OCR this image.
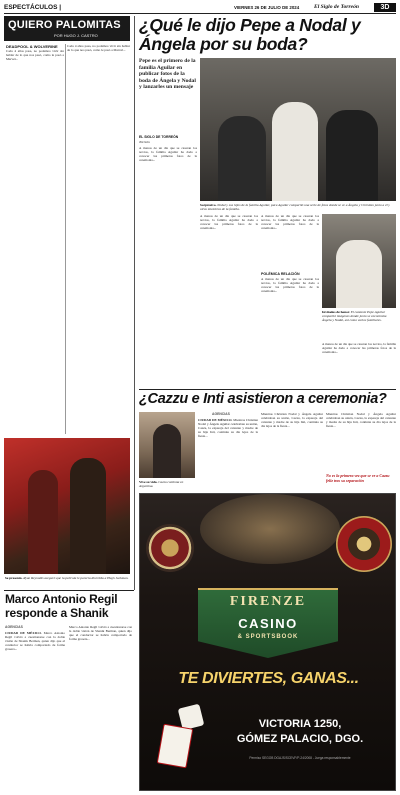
ESPECTÁCULOS |	VIERNES 26 DE JULIO DE 2024	El Siglo de Torreón	3D
QUIERO PALOMITAS
POR HUGO J. CASTRO
DEADPOOL & WOLVERINE
Cada 4 años pasa, no podamos vivir sin hablar de lo que nos pasó, como le pasó a Marvel...
Cada 4 años pasa, no podamos vivir sin hablar de lo que nos pasó, como le pasó a Marvel...
Se presentó. Ryan Reynolds aseguró que la película le parecía divertida a Hugh Jackman.
¿Qué le dijo Pepe a Nodal y Ángela por su boda?
Pepe es el primero de la familia Aguilar en publicar fotos de la boda de Ángela y Nodal y lanzarles un mensaje
EL SIGLO DE TORREÓN
Torreón
A menos de un día que se casaran los novios, la familia Aguilar ha dado a conocer las primeras fotos de la ceremonia...
Sorpresivo. Nodal y sus hijos de la familia Aguilar, para Aguilar compartió una serie de fotos donde se ve a Ángela y Christian junto a él y otros miembros de la familia.
A menos de un día que se casaran los novios, la familia Aguilar ha dado a conocer las primeras fotos de la ceremonia...
A menos de un día que se casaran los novios, la familia Aguilar ha dado a conocer las primeras fotos de la ceremonia...
POLÉMICA RELACIÓN
A menos de un día que se casaran los novios, la familia Aguilar ha dado a conocer las primeras fotos de la ceremonia...
Invitados de honor. El cantante Pepe Aguilar compartió imágenes donde junto se encontraba Ángela y Nodal, así como varios familiares.
A menos de un día que se casaran los novios, la familia Aguilar ha dado a conocer las primeras fotos de la ceremonia...
¿Cazzu e Inti asistieron a ceremonia?
Vive su vida. Cazzu continúa en Argentina.
AGENCIAS
CIUDAD DE MÉXICO. Mientras Christian Nodal y Ángela Aguilar celebraban su unión, Cazzu, la expareja del cantante y madre de su hija Inti, continúa su día lejos de la fiesta...
Mientras Christian Nodal y Ángela Aguilar celebraban su unión, Cazzu, la expareja del cantante y madre de su hija Inti, continúa su día lejos de la fiesta...
Mientras Christian Nodal y Ángela Aguilar celebraban su unión, Cazzu, la expareja del cantante y madre de su hija Inti, continúa su día lejos de la fiesta...
No es la primera vez que se ve a Cazzu feliz tras su separación
Marco Antonio Regil responde a Shanik
AGENCIAS
CIUDAD DE MÉXICO. Marco Antonio Regil volvió a cuestionarse con la doble visión de Shanik Berman, quien dijo que el conductor se habría comportado de forma grosera...
Marco Antonio Regil volvió a cuestionarse con la doble visión de Shanik Berman, quien dijo que el conductor se habría comportado de forma grosera...
FIRENZE
CASINO
& SPORTSBOOK
TE DIVIERTES, GANAS...
VICTORIA 1250,
GÓMEZ PALACIO, DGO.
Permiso SEGOB DGAJS/SCEVF/P-24/2008 - Juega responsablemente
